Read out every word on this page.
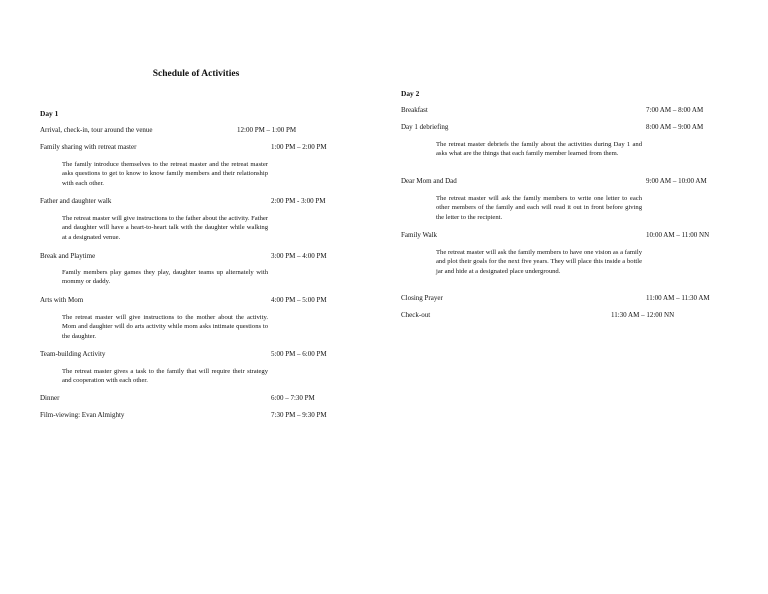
Schedule of Activities
Day 1
Arrival, check-in, tour around the venue	12:00 PM – 1:00 PM
Family sharing with retreat master	1:00 PM – 2:00 PM
The family introduce themselves to the retreat master and the retreat master asks questions to get to know to know family members and their relationship with each other.
Father and daughter walk	2:00 PM - 3:00 PM
The retreat master will give instructions to the father about the activity. Father and daughter will have a heart-to-heart talk with the daughter while walking at a designated venue.
Break and Playtime	3:00 PM – 4:00 PM
Family members play games they play, daughter teams up alternately with mommy or daddy.
Arts with Mom	4:00 PM – 5:00 PM
The retreat master will give instructions to the mother about the activity. Mom and daughter will do arts activity while mom asks intimate questions to the daughter.
Team-building Activity	5:00 PM – 6:00 PM
The retreat master gives a task to the family that will require their strategy and cooperation with each other.
Dinner	6:00 – 7:30 PM
Film-viewing: Evan Almighty	7:30 PM – 9:30 PM
Day 2
Breakfast	7:00 AM – 8:00 AM
Day 1 debriefing	8:00 AM – 9:00 AM
The retreat master debriefs the family about the activities during Day 1 and asks what are the things that each family member learned from them.
Dear Mom and Dad	9:00 AM – 10:00 AM
The retreat master will ask the family members to write one letter to each other members of the family and each will read it out in front before giving the letter to the recipient.
Family Walk	10:00 AM – 11:00 NN
The retreat master will ask the family members to have one vision as a family and plot their goals for the next five years. They will place this inside a bottle jar and hide at a designated place underground.
Closing Prayer	11:00 AM – 11:30 AM
Check-out	11:30 AM – 12:00 NN
